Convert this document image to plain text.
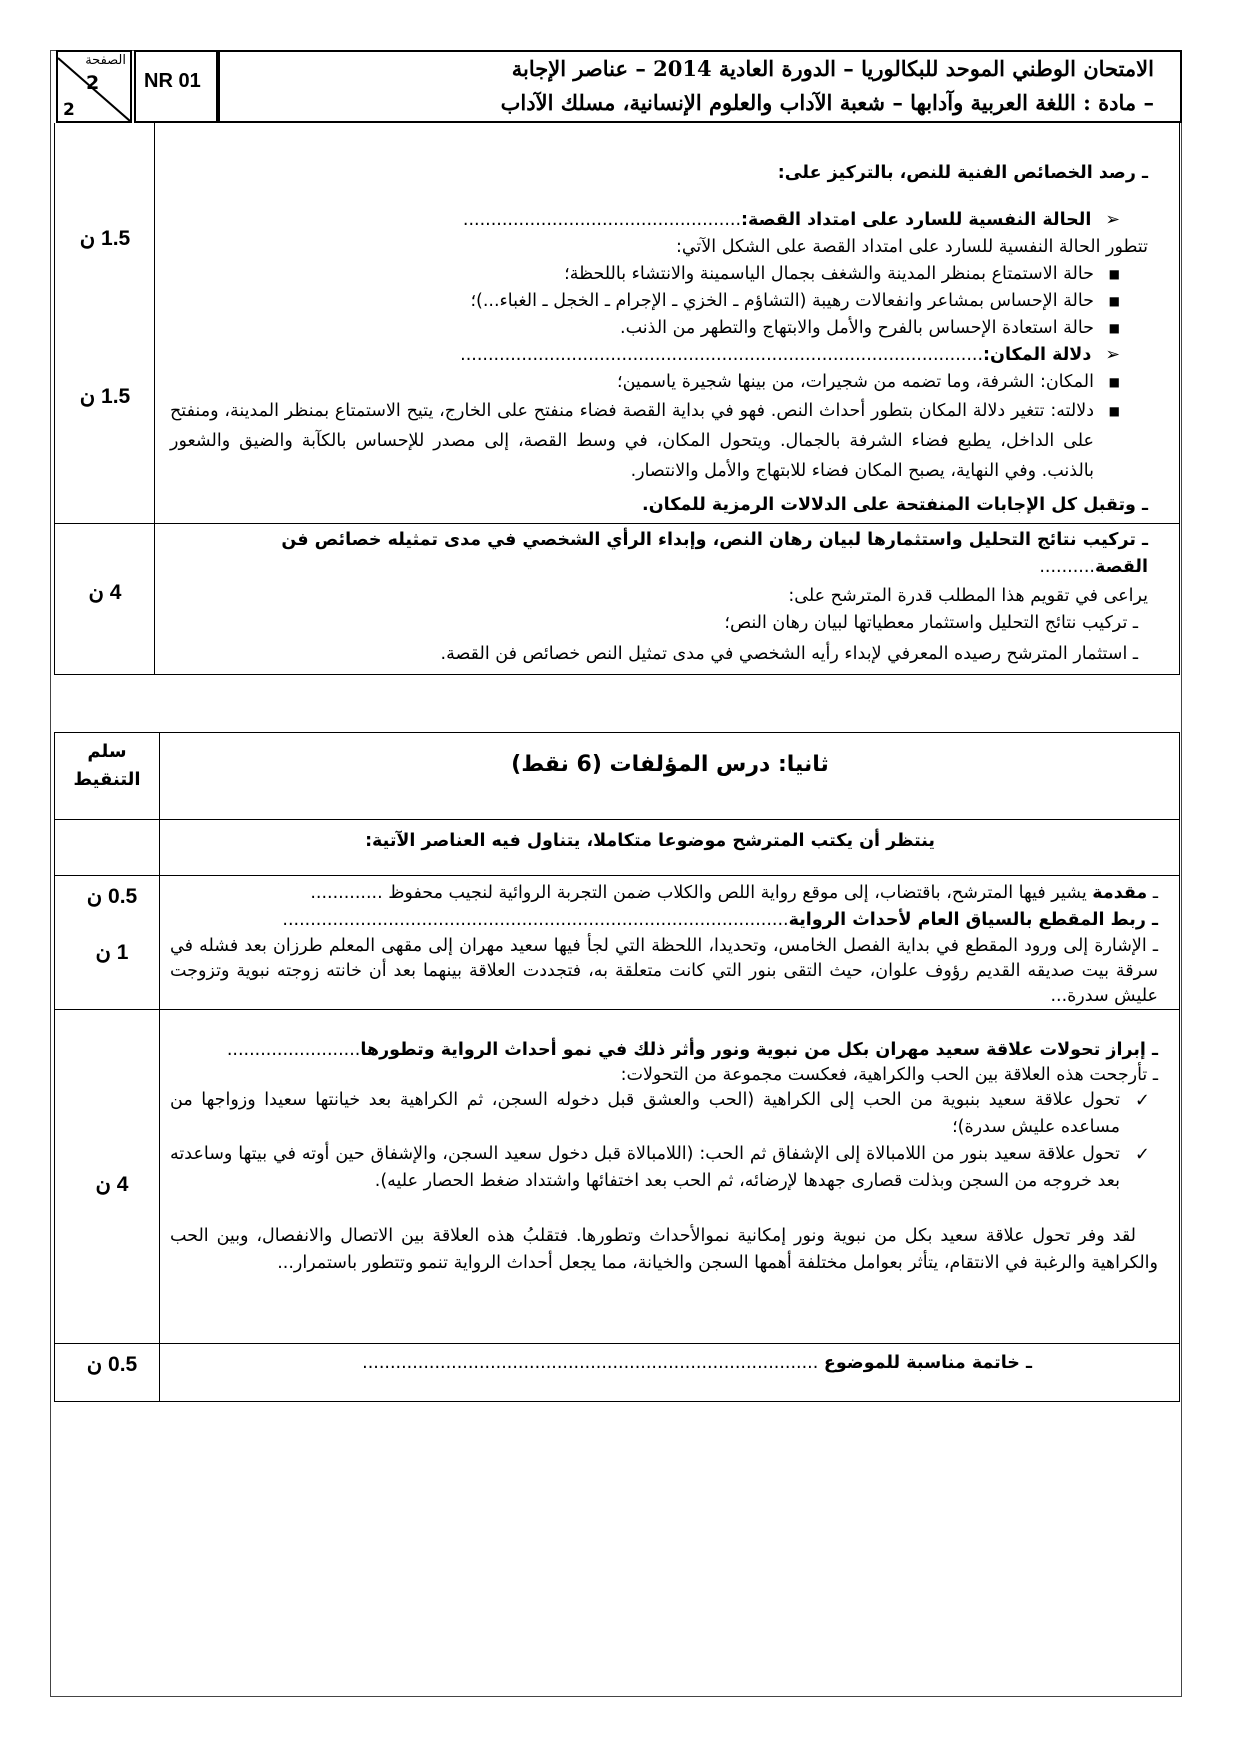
الصفحة
2
2
NR 01	الامتحان الوطني الموحد للبكالوريا – الدورة العادية 2014 – عناصر الإجابة
– مادة : اللغة العربية وآدابها – شعبة الآداب والعلوم الإنسانية، مسلك الآداب
1.5 ن
1.5 ن
4 ن

ـ رصد الخصائص الفنية للنص، بالتركيز على:

➢الحالة النفسية للسارد على امتداد القصة:..................................................

تتطور الحالة النفسية للسارد على امتداد القصة على الشكل الآتي:

■
حالة الاستمتاع بمنظر المدينة والشغف بجمال الياسمينة والانتشاء باللحظة؛

■
حالة الإحساس بمشاعر وانفعالات رهيبة (التشاؤم ـ الخزي ـ الإجرام ـ الخجل ـ الغباء...)؛

■
حالة استعادة الإحساس بالفرح والأمل والابتهاج والتطهر من الذنب.

➢دلالة المكان:..............................................................................................

■
المكان: الشرفة، وما تضمه من شجيرات، من بينها شجيرة ياسمين؛

■
دلالته: تتغير دلالة المكان بتطور أحداث النص. فهو في بداية القصة فضاء منفتح على الخارج، يتيح الاستمتاع بمنظر المدينة، ومنفتح على الداخل، يطبع فضاء الشرفة بالجمال. ويتحول المكان، في وسط القصة، إلى مصدر للإحساس بالكآبة والضيق والشعور بالذنب. وفي النهاية، يصبح المكان فضاء للابتهاج والأمل والانتصار.

ـ وتقبل كل الإجابات المنفتحة على الدلالات الرمزية للمكان.

ـ تركيب نتائج التحليل واستثمارها لبيان رهان النص، وإبداء الرأي الشخصي في مدى تمثيله خصائص فن القصة..........

يراعى في تقويم هذا المطلب قدرة المترشح على:

ـ تركيب نتائج التحليل واستثمار معطياتها لبيان رهان النص؛

ـ استثمار المترشح رصيده المعرفي لإبداء رأيه الشخصي في مدى تمثيل النص خصائص فن القصة.

سلم التنقيط
ثانيا: درس المؤلفات (6 نقط)
ينتظر أن يكتب المترشح موضوعا متكاملا، يتناول فيه العناصر الآتية:
0.5 ن
1 ن

ـ مقدمة يشير فيها المترشح، باقتضاب، إلى موقع رواية اللص والكلاب ضمن التجربة الروائية لنجيب محفوظ .............

ـ ربط المقطع بالسياق العام لأحداث الرواية...........................................................................................

ـ الإشارة إلى ورود المقطع في بداية الفصل الخامس، وتحديدا، اللحظة التي لجأ فيها سعيد مهران إلى مقهى المعلم طرزان بعد فشله في سرقة بيت صديقه القديم رؤوف علوان، حيث التقى بنور التي كانت متعلقة به، فتجددت العلاقة بينهما بعد أن خانته زوجته نبوية وتزوجت عليش سدرة...

4 ن

ـ إبراز تحولات علاقة سعيد مهران بكل من نبوية ونور وأثر ذلك في نمو أحداث الرواية وتطورها........................

ـ تأرجحت هذه العلاقة بين الحب والكراهية، فعكست مجموعة من التحولات:

✓
تحول علاقة سعيد بنبوية من الحب إلى الكراهية (الحب والعشق قبل دخوله السجن، ثم الكراهية بعد خيانتها سعيدا وزواجها من مساعده عليش سدرة)؛

✓
تحول علاقة سعيد بنور من اللامبالاة إلى الإشفاق ثم الحب: (اللامبالاة قبل دخول سعيد السجن، والإشفاق حين أوته في بيتها وساعدته بعد خروجه من السجن وبذلت قصارى جهدها لإرضائه، ثم الحب بعد اختفائها واشتداد ضغط الحصار عليه).

لقد وفر تحول علاقة سعيد بكل من نبوية ونور إمكانية نموالأحداث وتطورها. فتقلبُ هذه العلاقة بين الاتصال والانفصال، وبين الحب والكراهية والرغبة في الانتقام، يتأثر بعوامل مختلفة أهمها السجن والخيانة، مما يجعل أحداث الرواية تنمو وتتطور باستمرار...

0.5 ن	ـ خاتمة مناسبة للموضوع ..................................................................................
